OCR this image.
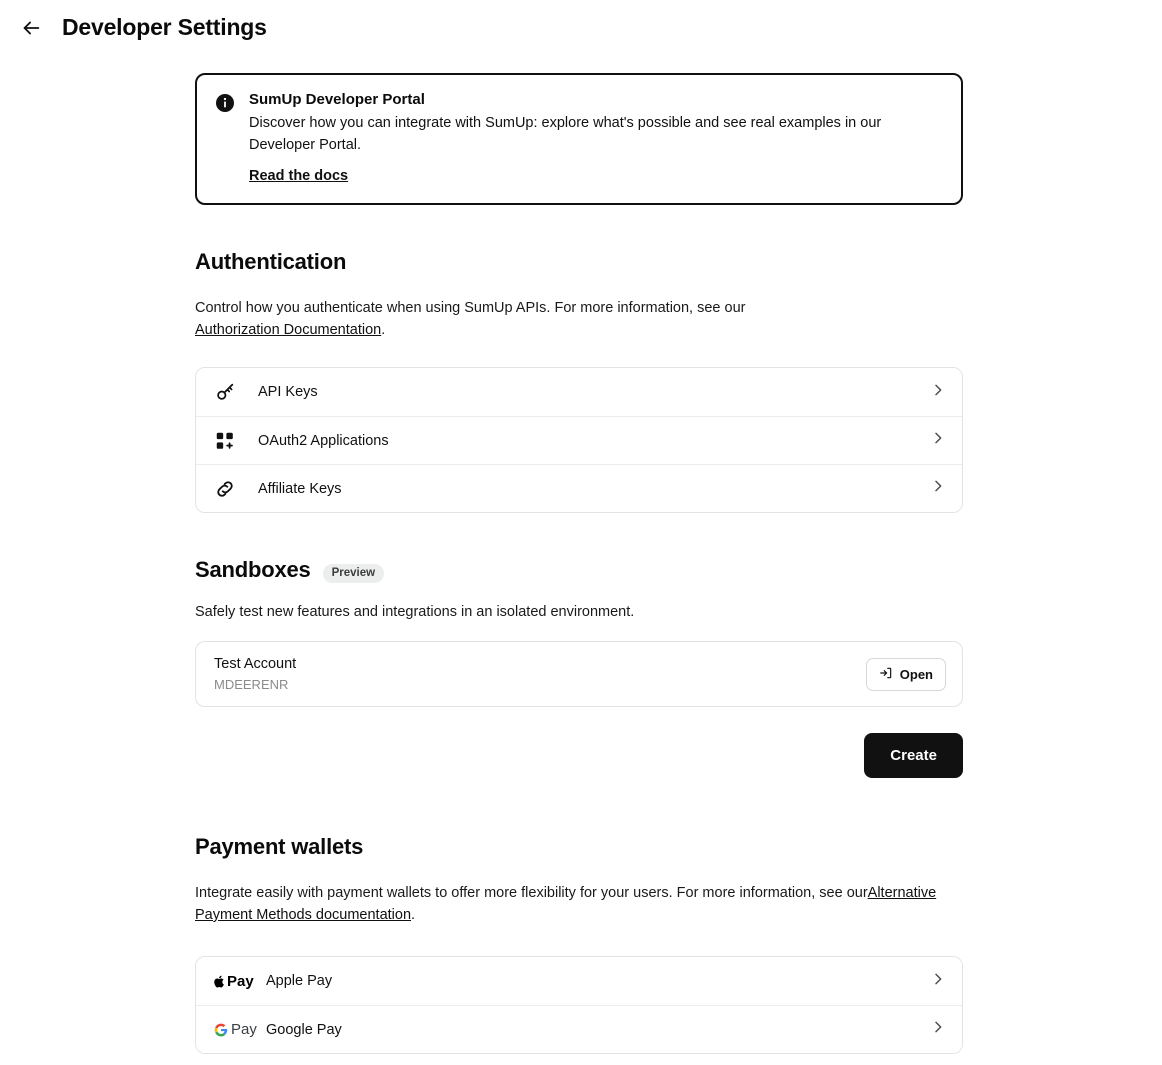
Developer Settings
SumUp Developer Portal
Discover how you can integrate with SumUp: explore what's possible and see real examples in our Developer Portal.
Read the docs
Authentication
Control how you authenticate when using SumUp APIs. For more information, see our
Authorization Documentation.
API Keys
OAuth2 Applications
Affiliate Keys
Sandboxes	Preview
Safely test new features and integrations in an isolated environment.
Test Account
MDEERENR
Open
Create
Payment wallets
Integrate easily with payment wallets to offer more flexibility for your users. For more information, see ourAlternative Payment Methods documentation.
Pay Apple Pay
Pay Google Pay
